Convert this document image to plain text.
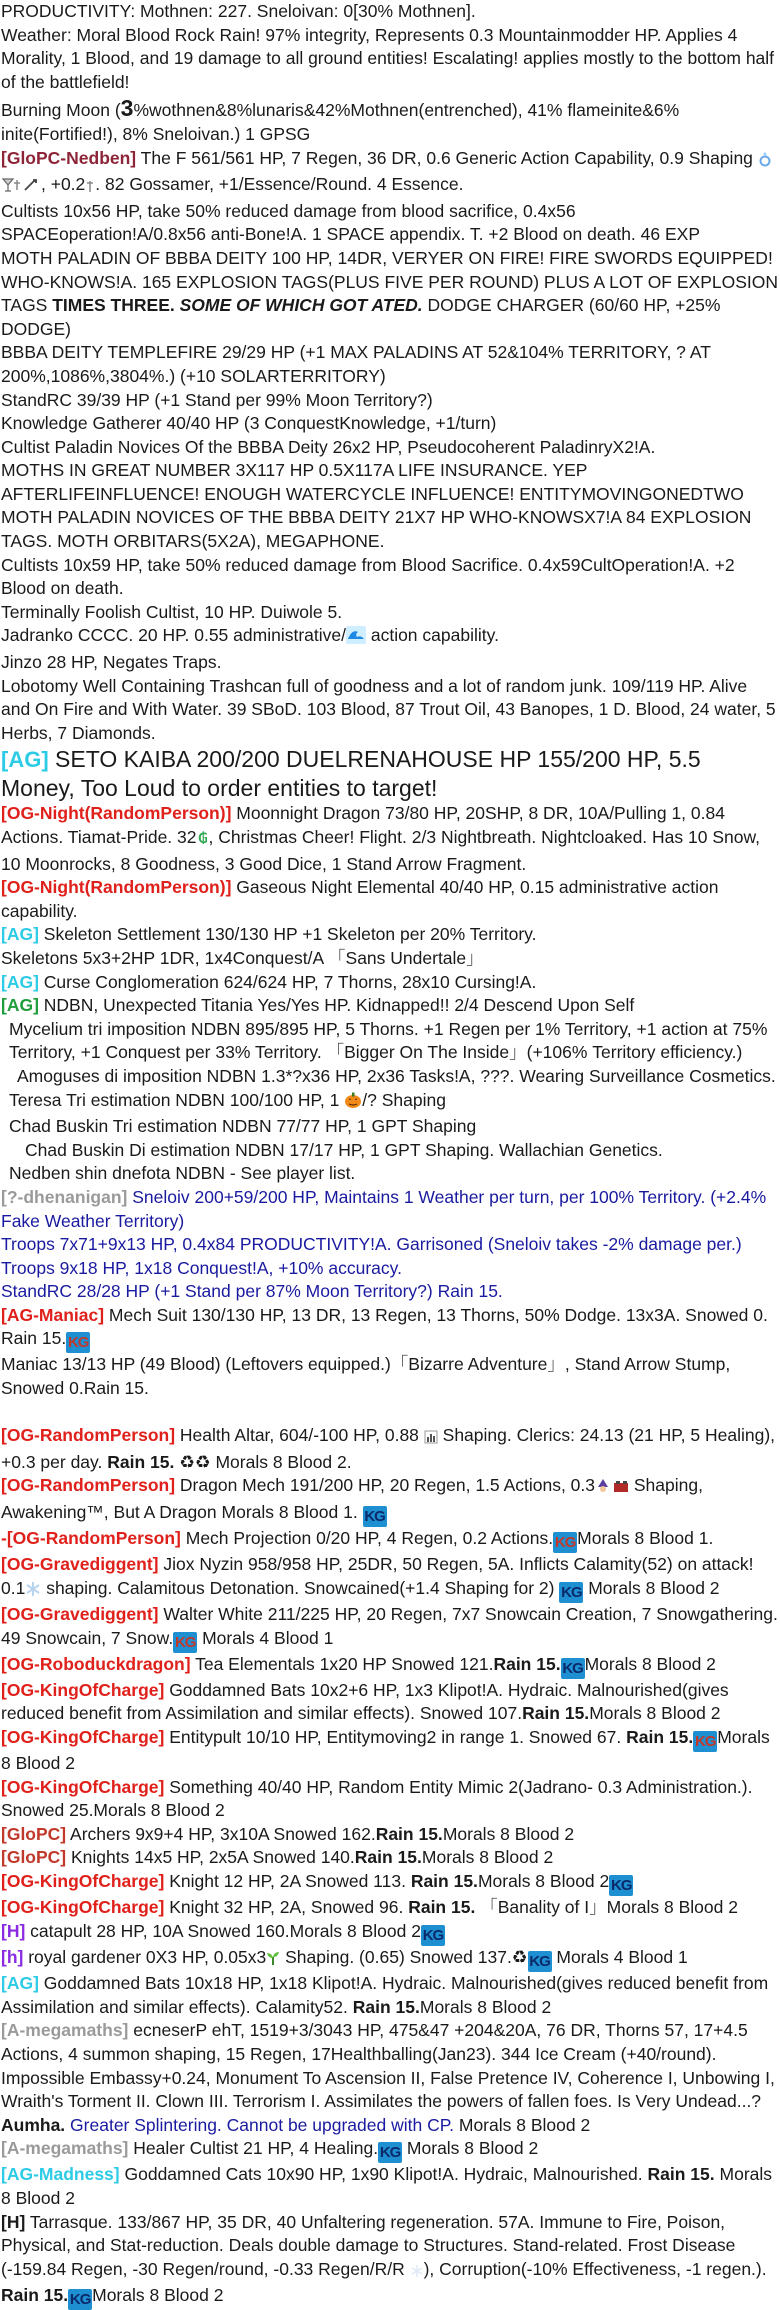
PRODUCTIVITY: Mothnen: 227. Sneloivan: 0[30% Mothnen].

Weather: Moral Blood Rock Rain! 97% integrity, Represents 0.3 Mountainmodder HP. Applies 4 Morality, 1 Blood, and 19 damage to all ground entities! Escalating! applies mostly to the bottom half of the battlefield!

Burning Moon (3%wothnen&8%lunaris&42%Mothnen(entrenched), 41% flameinite&6% inite(Fortified!), 8% Sneloivan.) 1 GPSG

[GloPC-Nedben] The F 561/561 HP, 7 Regen, 36 DR, 0.6 Generic Action Capability, 0.9 Shaping
, +0.2 . 82 Gossamer, +1/Essence/Round. 4 Essence.

Cultists 10x56 HP, take 50% reduced damage from blood sacrifice, 0.4x56 SPACEoperation!A/0.8x56 anti-Bone!A. 1 SPACE appendix. T. +2 Blood on death. 46 EXP

MOTH PALADIN OF BBBA DEITY 100 HP, 14DR, VERYER ON FIRE! FIRE SWORDS EQUIPPED! WHO-KNOWS!A. 165 EXPLOSION TAGS(PLUS FIVE PER ROUND) PLUS A LOT OF EXPLOSION TAGS TIMES THREE. SOME OF WHICH GOT ATED. DODGE CHARGER (60/60 HP, +25% DODGE)

BBBA DEITY TEMPLEFIRE 29/29 HP (+1 MAX PALADINS AT 52&104% TERRITORY, ? AT 200%,1086%,3804%.) (+10 SOLARTERRITORY)

StandRC 39/39 HP (+1 Stand per 99% Moon Territory?)

Knowledge Gatherer 40/40 HP (3 ConquestKnowledge, +1/turn)

Cultist Paladin Novices Of the BBBA Deity 26x2 HP, Pseudocoherent PaladinryX2!A.

MOTHS IN GREAT NUMBER 3X117 HP 0.5X117A LIFE INSURANCE. YEP AFTERLIFEINFLUENCE! ENOUGH WATERCYCLE INFLUENCE! ENTITYMOVINGONEDTWO

MOTH PALADIN NOVICES OF THE BBBA DEITY 21X7 HP WHO-KNOWSX7!A 84 EXPLOSION TAGS. MOTH ORBITARS(5X2A), MEGAPHONE.

Cultists 10x59 HP, take 50% reduced damage from Blood Sacrifice. 0.4x59CultOperation!A. +2 Blood on death.

Terminally Foolish Cultist, 10 HP. Duiwole 5.

Jadranko CCCC. 20 HP. 0.55 administrative/ action capability.

Jinzo 28 HP, Negates Traps.

Lobotomy Well Containing Trashcan full of goodness and a lot of random junk. 109/119 HP. Alive and On Fire and With Water. 39 SBoD. 103 Blood, 87 Trout Oil, 43 Banopes, 1 D. Blood, 24 water, 5 Herbs, 7 Diamonds.

[AG] SETO KAIBA 200/200 DUELRENAHOUSE HP 155/200 HP, 5.5 Money, Too Loud to order entities to target!

[OG-Night(RandomPerson)] Moonnight Dragon 73/80 HP, 20SHP, 8 DR, 10A/Pulling 1, 0.84 Actions. Tiamat-Pride. 32 ₲ , Christmas Cheer! Flight. 2/3 Nightbreath. Nightcloaked. Has 10 Snow, 10 Moonrocks, 8 Goodness, 3 Good Dice, 1 Stand Arrow Fragment.

[OG-Night(RandomPerson)] Gaseous Night Elemental 40/40 HP, 0.15 administrative action capability.

[AG] Skeleton Settlement 130/130 HP +1 Skeleton per 20% Territory.

Skeletons 5x3+2HP 1DR, 1x4Conquest/A 「Sans Undertale」

[AG] Curse Conglomeration 624/624 HP, 7 Thorns, 28x10 Cursing!A.

[AG] NDBN, Unexpected Titania Yes/Yes HP. Kidnapped!! 2/4 Descend Upon Self

Mycelium tri imposition NDBN 895/895 HP, 5 Thorns. +1 Regen per 1% Territory, +1 action at 75% Territory, +1 Conquest per 33% Territory. 「Bigger On The Inside」(+106% Territory efficiency.)

Amoguses di imposition NDBN 1.3*?x36 HP, 2x36 Tasks!A, ???. Wearing Surveillance Cosmetics.

Teresa Tri estimation NDBN 100/100 HP, 1 /? Shaping

Chad Buskin Tri estimation NDBN 77/77 HP, 1 GPT Shaping

Chad Buskin Di estimation NDBN 17/17 HP, 1 GPT Shaping. Wallachian Genetics.

Nedben shin dnefota NDBN - See player list.

[?-dhenanigan] Sneloiv 200+59/200 HP, Maintains 1 Weather per turn, per 100% Territory. (+2.4% Fake Weather Territory)

Troops 7x71+9x13 HP, 0.4x84 PRODUCTIVITY!A. Garrisoned (Sneloiv takes -2% damage per.)

Troops 9x18 HP, 1x18 Conquest!A, +10% accuracy.

StandRC 28/28 HP (+1 Stand per 87% Moon Territory?) Rain 15.

[AG-Maniac] Mech Suit 130/130 HP, 13 DR, 13 Regen, 13 Thorns, 50% Dodge. 13x3A. Snowed 0. Rain 15. KG

Maniac 13/13 HP (49 Blood) (Leftovers equipped.)「Bizarre Adventure」, Stand Arrow Stump, Snowed 0.Rain 15.

[OG-RandomPerson] Health Altar, 604/-100 HP, 0.88  Shaping. Clerics: 24.13 (21 HP, 5 Healing), +0.3 per day. Rain 15. ♻♻ Morals 8 Blood 2.

[OG-RandomPerson] Dragon Mech 191/200 HP, 20 Regen, 1.5 Actions, 0.3 Shaping, Awakening™, But A Dragon Morals 8 Blood 1. KG

-[OG-RandomPerson] Mech Projection 0/20 HP, 4 Regen, 0.2 Actions. KG Morals 8 Blood 1.

[OG-Gravediggent] Jiox Nyzin 958/958 HP, 25DR, 50 Regen, 5A. Inflicts Calamity(52) on attack! 0.1 shaping. Calamitous Detonation. Snowcained(+1.4 Shaping for 2) KG Morals 8 Blood 2

[OG-Gravediggent] Walter White 211/225 HP, 20 Regen, 7x7 Snowcain Creation, 7 Snowgathering. 49 Snowcain, 7 Snow. KG Morals 4 Blood 1

[OG-Roboduckdragon] Tea Elementals 1x20 HP Snowed 121.Rain 15. KG Morals 8 Blood 2

[OG-KingOfCharge] Goddamned Bats 10x2+6 HP, 1x3 Klipot!A. Hydraic. Malnourished(gives reduced benefit from Assimilation and similar effects). Snowed 107.Rain 15.Morals 8 Blood 2

[OG-KingOfCharge] Entitypult 10/10 HP, Entitymoving2 in range 1. Snowed 67. Rain 15. KG Morals 8 Blood 2

[OG-KingOfCharge] Something 40/40 HP, Random Entity Mimic 2(Jadrano- 0.3 Administration.). Snowed 25.Morals 8 Blood 2

[GloPC] Archers 9x9+4 HP, 3x10A Snowed 162.Rain 15.Morals 8 Blood 2

[GloPC] Knights 14x5 HP, 2x5A Snowed 140.Rain 15.Morals 8 Blood 2

[OG-KingOfCharge] Knight 12 HP, 2A Snowed 113. Rain 15.Morals 8 Blood 2 KG

[OG-KingOfCharge] Knight 32 HP, 2A, Snowed 96. Rain 15. 「Banality of I」Morals 8 Blood 2

[H] catapult 28 HP, 10A Snowed 160.Morals 8 Blood 2 KG

[h] royal gardener 0X3 HP, 0.05x3 Shaping. (0.65) Snowed 137.♻ KG Morals 4 Blood 1

[AG] Goddamned Bats 10x18 HP, 1x18 Klipot!A. Hydraic. Malnourished(gives reduced benefit from Assimilation and similar effects). Calamity52. Rain 15.Morals 8 Blood 2

[A-megamaths] ecneserP ehT, 1519+3/3043 HP, 475&47 +204&20A, 76 DR, Thorns 57, 17+4.5 Actions, 4 summon shaping, 15 Regen, 17Healthballing(Jan23). 344 Ice Cream (+40/round). Impossible Embassy+0.24, Monument To Ascension II, False Pretence IV, Coherence I, Unbowing I, Wraith's Torment II. Clown III. Terrorism I. Assimilates the powers of fallen foes. Is Very Undead...? Aumha. Greater Splintering. Cannot be upgraded with CP. Morals 8 Blood 2

[A-megamaths] Healer Cultist 21 HP, 4 Healing. KG Morals 8 Blood 2

[AG-Madness] Goddamned Cats 10x90 HP, 1x90 Klipot!A. Hydraic, Malnourished. Rain 15. Morals 8 Blood 2

[H] Tarrasque. 133/867 HP, 35 DR, 40 Unfaltering regeneration. 57A. Immune to Fire, Poison, Physical, and Stat-reduction. Deals double damage to Structures. Stand-related. Frost Disease (-159.84 Regen, -30 Regen/round, -0.33 Regen/R/R ), Corruption(-10% Effectiveness, -1 regen.). Rain 15. KG Morals 8 Blood 2
